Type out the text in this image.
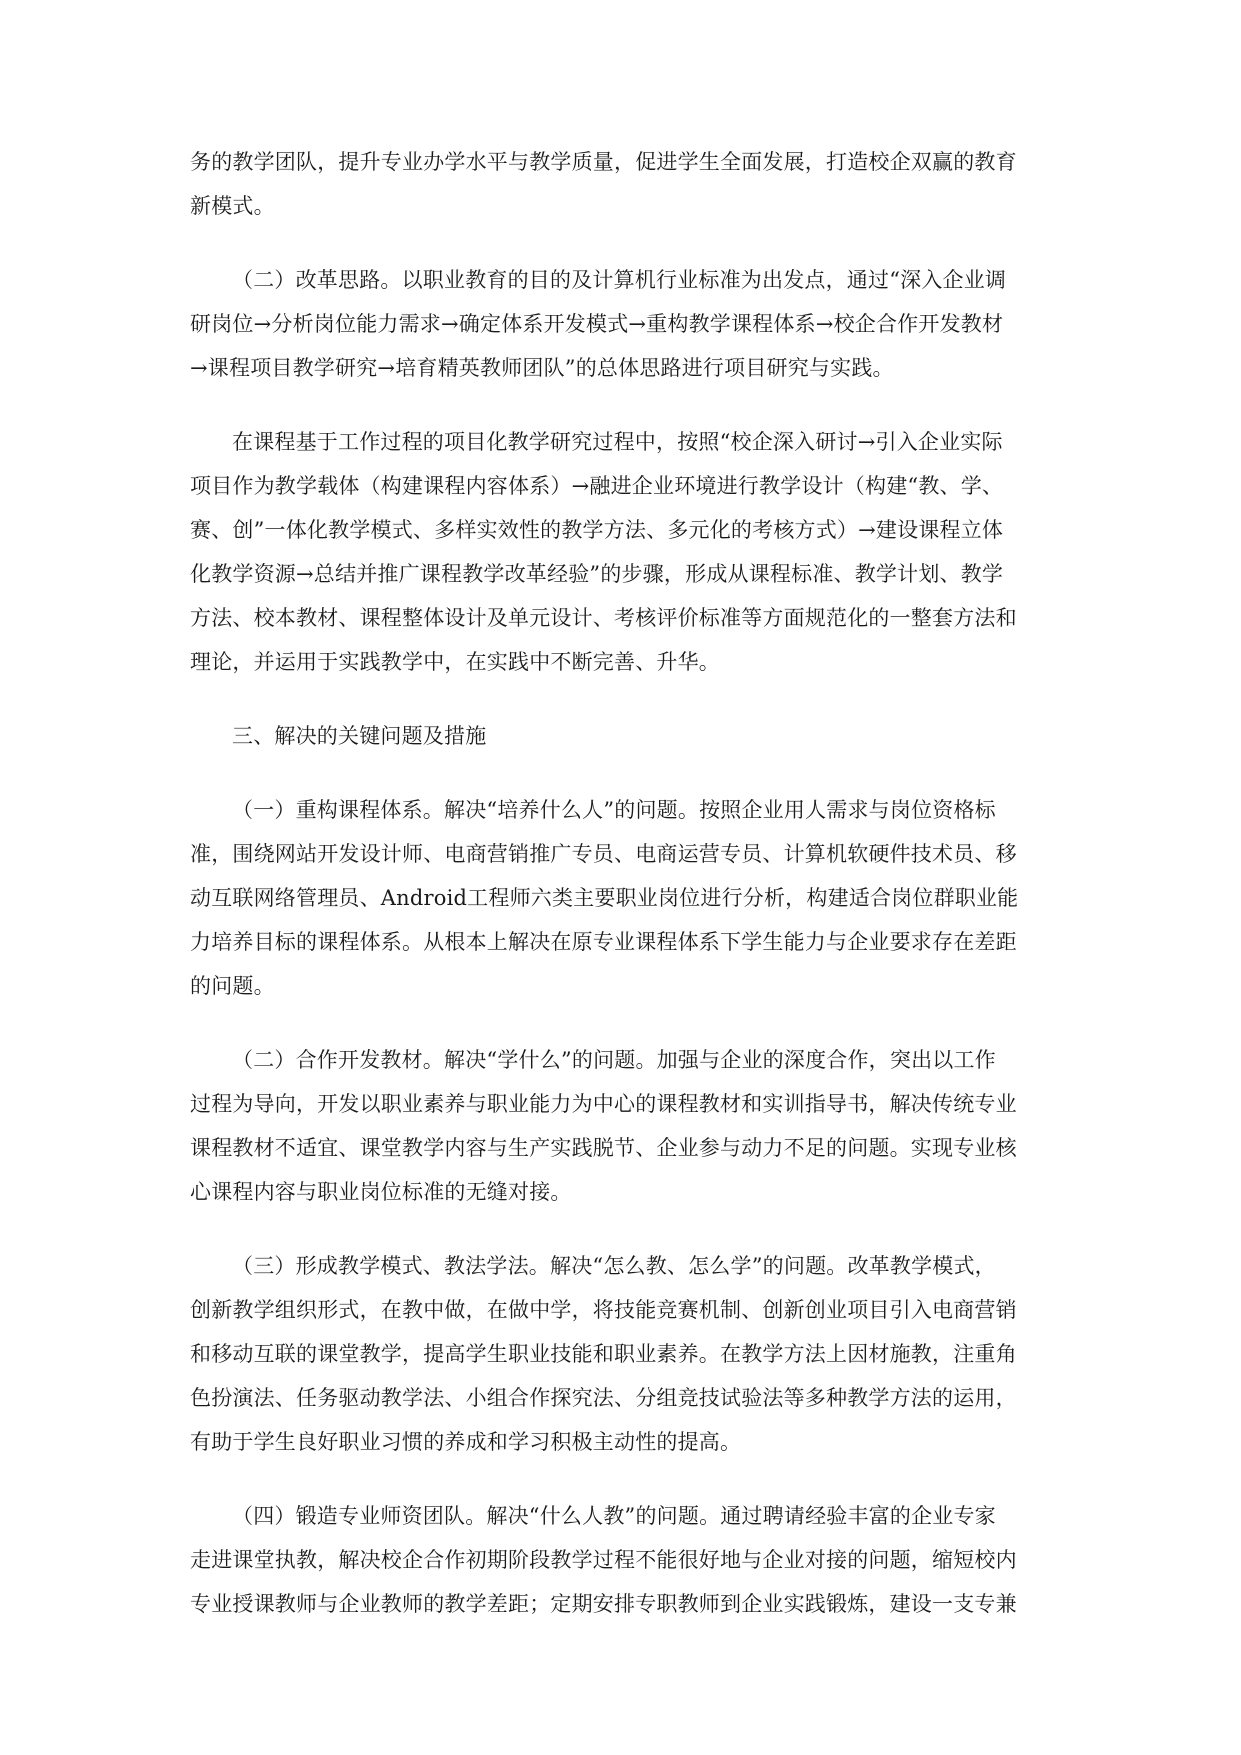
务的教学团队，提升专业办学水平与教学质量，促进学生全面发展，打造校企双赢的教育
新模式。

（二）改革思路。以职业教育的目的及计算机行业标准为出发点，通过“深入企业调
研岗位→分析岗位能力需求→确定体系开发模式→重构教学课程体系→校企合作开发教材
→课程项目教学研究→培育精英教师团队”的总体思路进行项目研究与实践。

在课程基于工作过程的项目化教学研究过程中，按照“校企深入研讨→引入企业实际
项目作为教学载体（构建课程内容体系）→融进企业环境进行教学设计（构建“教、学、
赛、创”一体化教学模式、多样实效性的教学方法、多元化的考核方式）→建设课程立体
化教学资源→总结并推广课程教学改革经验”的步骤，形成从课程标准、教学计划、教学
方法、校本教材、课程整体设计及单元设计、考核评价标准等方面规范化的一整套方法和
理论，并运用于实践教学中，在实践中不断完善、升华。

三、解决的关键问题及措施

（一）重构课程体系。解决“培养什么人”的问题。按照企业用人需求与岗位资格标
准，围绕网站开发设计师、电商营销推广专员、电商运营专员、计算机软硬件技术员、移
动互联网络管理员、Android工程师六类主要职业岗位进行分析，构建适合岗位群职业能
力培养目标的课程体系。从根本上解决在原专业课程体系下学生能力与企业要求存在差距
的问题。

（二）合作开发教材。解决“学什么”的问题。加强与企业的深度合作，突出以工作
过程为导向，开发以职业素养与职业能力为中心的课程教材和实训指导书，解决传统专业
课程教材不适宜、课堂教学内容与生产实践脱节、企业参与动力不足的问题。实现专业核
心课程内容与职业岗位标准的无缝对接。

（三）形成教学模式、教法学法。解决“怎么教、怎么学”的问题。改革教学模式，
创新教学组织形式，在教中做，在做中学，将技能竞赛机制、创新创业项目引入电商营销
和移动互联的课堂教学，提高学生职业技能和职业素养。在教学方法上因材施教，注重角
色扮演法、任务驱动教学法、小组合作探究法、分组竞技试验法等多种教学方法的运用，
有助于学生良好职业习惯的养成和学习积极主动性的提高。

（四）锻造专业师资团队。解决“什么人教”的问题。通过聘请经验丰富的企业专家
走进课堂执教，解决校企合作初期阶段教学过程不能很好地与企业对接的问题，缩短校内
专业授课教师与企业教师的教学差距；定期安排专职教师到企业实践锻炼，建设一支专兼
